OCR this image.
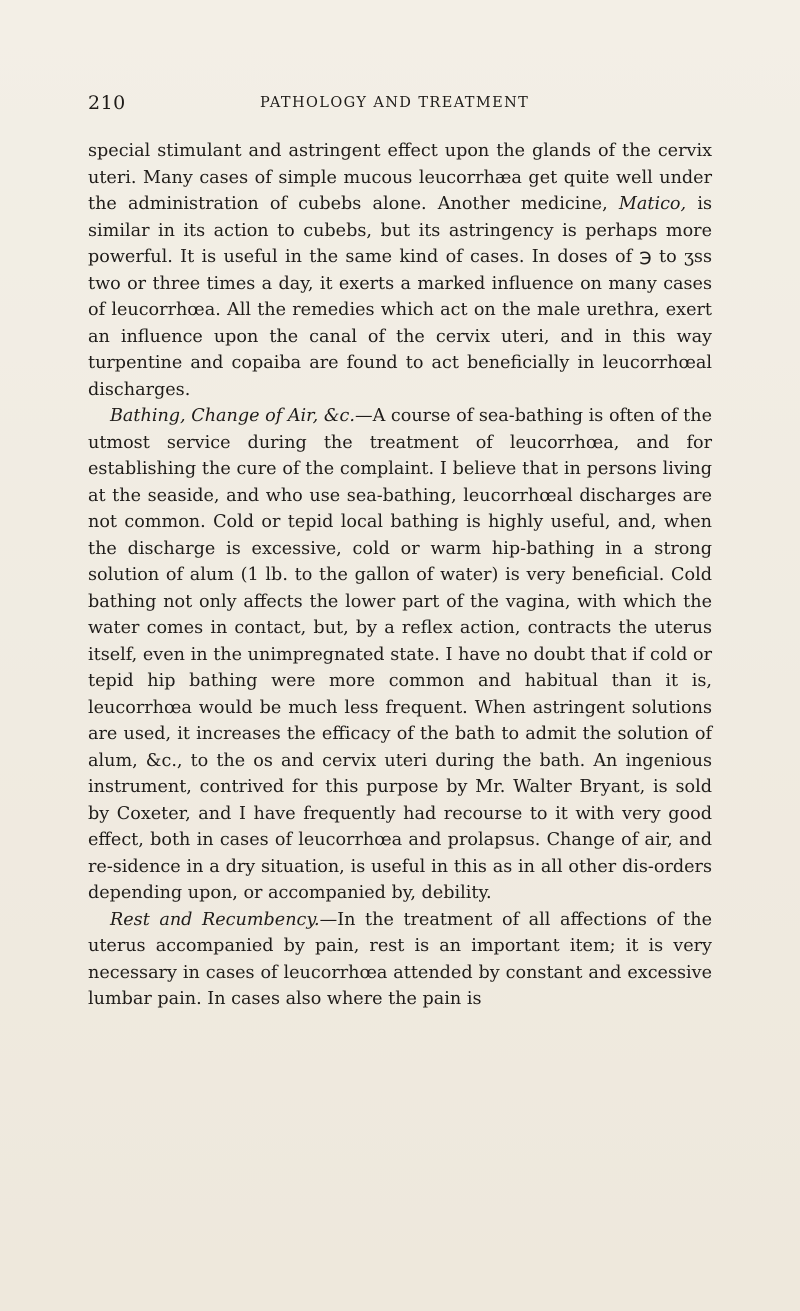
210	PATHOLOGY AND TREATMENT

special stimulant and astringent effect upon the glands of the cervix uteri. Many cases of simple mucous leucorrhæa get quite well under the administration of cubebs alone. Another medicine, Matico, is similar in its action to cubebs, but its astringency is perhaps more powerful. It is useful in the same kind of cases. In doses of ℈ to ʒss two or three times a day, it exerts a marked influence on many cases of leucorrhœa. All the remedies which act on the male urethra, exert an influence upon the canal of the cervix uteri, and in this way turpentine and copaiba are found to act beneficially in leucorrhœal discharges.

Bathing, Change of Air, &c.—A course of sea-bathing is often of the utmost service during the treatment of leucorrhœa, and for establishing the cure of the complaint. I believe that in persons living at the seaside, and who use sea-bathing, leucorrhœal discharges are not common. Cold or tepid local bathing is highly useful, and, when the discharge is excessive, cold or warm hip-bathing in a strong solution of alum (1 lb. to the gallon of water) is very beneficial. Cold bathing not only affects the lower part of the vagina, with which the water comes in contact, but, by a reflex action, contracts the uterus itself, even in the unimpregnated state. I have no doubt that if cold or tepid hip bathing were more common and habitual than it is, leucorrhœa would be much less frequent. When astringent solutions are used, it increases the efficacy of the bath to admit the solution of alum, &c., to the os and cervix uteri during the bath. An ingenious instrument, contrived for this purpose by Mr. Walter Bryant, is sold by Coxeter, and I have frequently had recourse to it with very good effect, both in cases of leucorrhœa and prolapsus. Change of air, and re-sidence in a dry situation, is useful in this as in all other dis-orders depending upon, or accompanied by, debility.

Rest and Recumbency.—In the treatment of all affections of the uterus accompanied by pain, rest is an important item; it is very necessary in cases of leucorrhœa attended by constant and excessive lumbar pain. In cases also where the pain is
